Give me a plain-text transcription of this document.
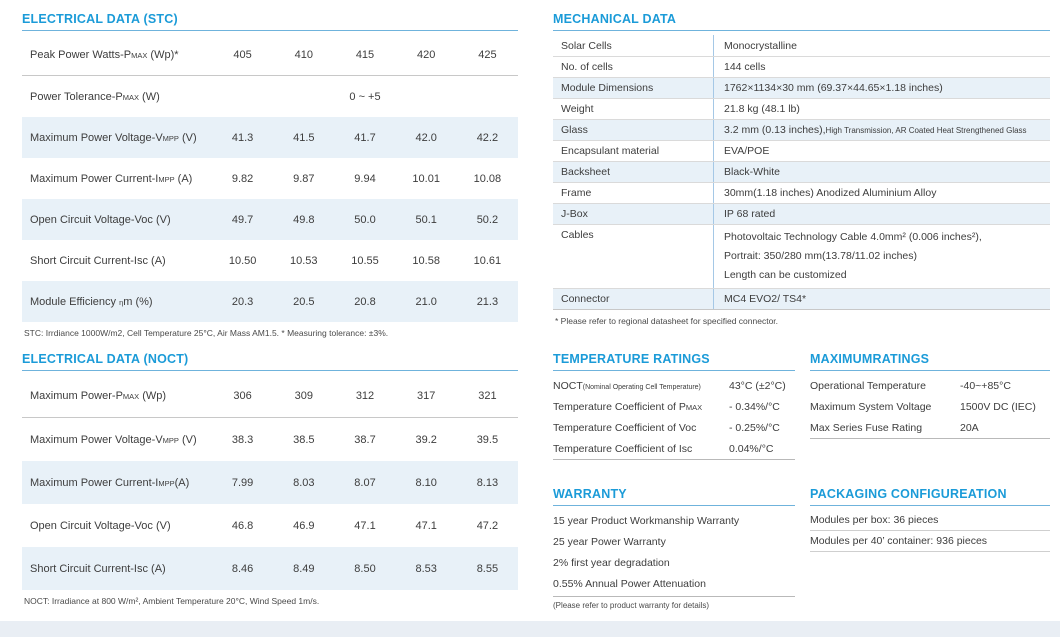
ELECTRICAL DATA (STC)
Peak Power Watts-PMAX (Wp)*	405	410	415	420	425
Power Tolerance-PMAX (W)	0 ~ +5
Maximum Power Voltage-VMPP (V)	41.3	41.5	41.7	42.0	42.2
Maximum Power Current-IMPP (A)	9.82	9.87	9.94	10.01	10.08
Open Circuit Voltage-Voc (V)	49.7	49.8	50.0	50.1	50.2
Short Circuit Current-Isc (A)	10.50	10.53	10.55	10.58	10.61
Module Efficiency ηm (%)	20.3	20.5	20.8	21.0	21.3
STC: Irrdiance 1000W/m2, Cell Temperature 25°C, Air Mass AM1.5. * Measuring tolerance: ±3%.
ELECTRICAL DATA (NOCT)
Maximum Power-PMAX (Wp)	306	309	312	317	321
Maximum Power Voltage-VMPP (V)	38.3	38.5	38.7	39.2	39.5
Maximum Power Current-IMPP(A)	7.99	8.03	8.07	8.10	8.13
Open Circuit Voltage-Voc (V)	46.8	46.9	47.1	47.1	47.2
Short Circuit Current-Isc (A)	8.46	8.49	8.50	8.53	8.55
NOCT: Irradiance at 800 W/m², Ambient Temperature 20°C, Wind Speed 1m/s.
MECHANICAL DATA
Solar Cells	Monocrystalline
No. of cells	144 cells
Module Dimensions	1762×1134×30 mm (69.37×44.65×1.18 inches)
Weight	21.8 kg (48.1 lb)
Glass	3.2 mm (0.13 inches), High Transmission, AR Coated Heat Strengthened Glass
Encapsulant material	EVA/POE
Backsheet	Black-White
Frame	30mm(1.18 inches) Anodized Aluminium Alloy
J-Box	IP 68 rated
Cables	Photovoltaic Technology Cable 4.0mm² (0.006 inches²),
Portrait: 350/280 mm(13.78/11.02 inches)
Length can be customized
Connector	MC4 EVO2/ TS4*
* Please refer to regional datasheet for specified connector.
TEMPERATURE RATINGS
NOCT(Nominal Operating Cell Temperature)	43°C (±2°C)
Temperature Coefficient of PMAX	- 0.34%/°C
Temperature Coefficient of Voc	- 0.25%/°C
Temperature Coefficient of Isc	0.04%/°C
MAXIMUMRATINGS
Operational Temperature	-40~+85°C
Maximum System Voltage	1500V DC (IEC)
Max Series Fuse Rating	20A
WARRANTY
15 year Product Workmanship Warranty
25 year Power Warranty
2% first year degradation
0.55% Annual Power Attenuation
(Please refer to product warranty for details)
PACKAGING CONFIGUREATION
Modules per box: 36 pieces
Modules per 40’ container: 936 pieces
